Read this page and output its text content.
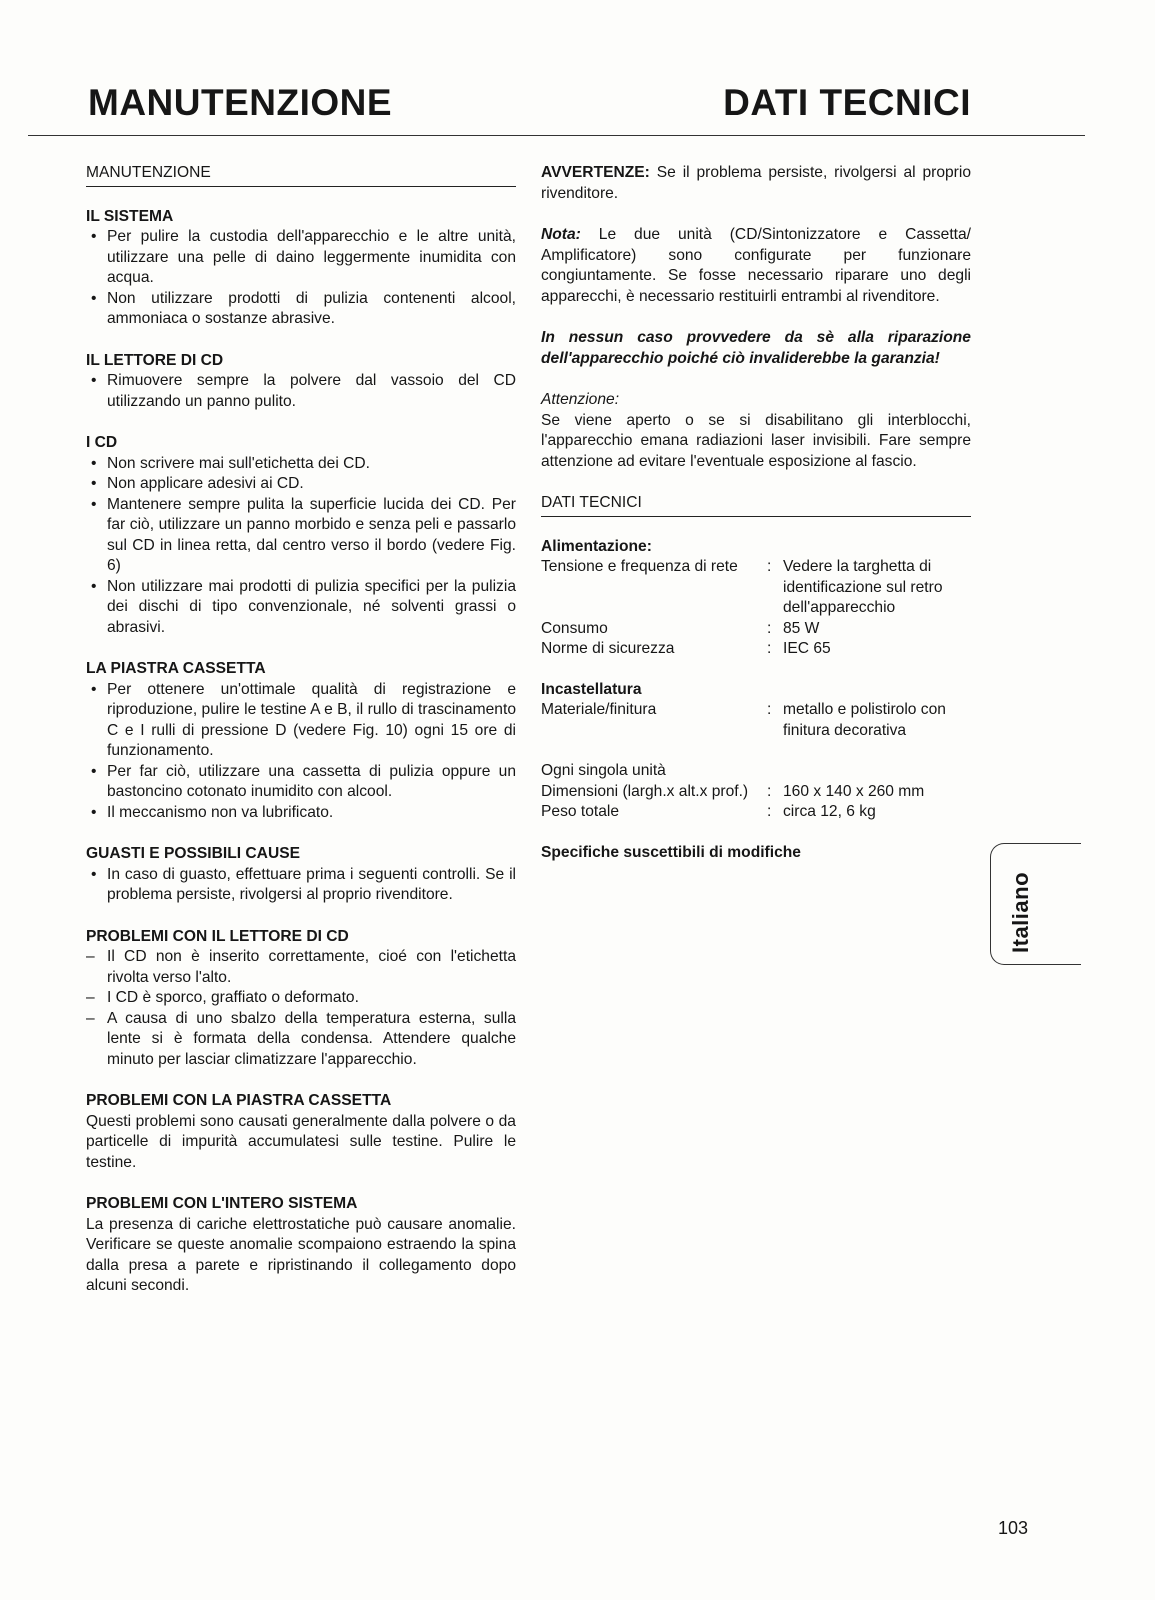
MANUTENZIONE	DATI TECNICI
MANUTENZIONE
IL SISTEMA
• Per pulire la custodia dell'apparecchio e le altre unità, utilizzare una pelle di daino leggermente inumidita con acqua.
• Non utilizzare prodotti di pulizia contenenti alcool, ammoniaca o sostanze abrasive.
IL LETTORE DI CD
• Rimuovere sempre la polvere dal vassoio del CD utilizzando un panno pulito.
I CD
• Non scrivere mai sull'etichetta dei CD.
• Non applicare adesivi ai CD.
• Mantenere sempre pulita la superficie lucida dei CD. Per far ciò, utilizzare un panno morbido e senza peli e passarlo sul CD in linea retta, dal centro verso il bordo (vedere Fig. 6)
• Non utilizzare mai prodotti di pulizia specifici per la pulizia dei dischi di tipo convenzionale, né solventi grassi o abrasivi.
LA PIASTRA CASSETTA
• Per ottenere un'ottimale qualità di registrazione e riproduzione, pulire le testine A e B, il rullo di trascinamento C e I rulli di pressione D (vedere Fig. 10) ogni 15 ore di funzionamento.
• Per far ciò, utilizzare una cassetta di pulizia oppure un bastoncino cotonato inumidito con alcool.
• Il meccanismo non va lubrificato.
GUASTI E POSSIBILI CAUSE
• In caso di guasto, effettuare prima i seguenti controlli. Se il problema persiste, rivolgersi al proprio rivenditore.
PROBLEMI CON IL LETTORE DI CD
– Il CD non è inserito correttamente, cioé con l'etichetta rivolta verso l'alto.
– I CD è sporco, graffiato o deformato.
– A causa di uno sbalzo della temperatura esterna, sulla lente si è formata della condensa. Attendere qualche minuto per lasciar climatizzare l'apparecchio.
PROBLEMI CON LA PIASTRA CASSETTA

Questi problemi sono causati generalmente dalla polvere o da particelle di impurità accumulatesi sulle testine. Pulire le testine.

PROBLEMI CON L'INTERO SISTEMA

La presenza di cariche elettrostatiche può causare anomalie. Verificare se queste anomalie scompaiono estraendo la spina dalla presa a parete e ripristinando il collegamento dopo alcuni secondi.

AVVERTENZE: Se il problema persiste, rivolgersi al proprio rivenditore.

Nota: Le due unità (CD/Sintonizzatore e Cassetta/ Amplificatore) sono configurate per funzionare congiuntamente. Se fosse necessario riparare uno degli apparecchi, è necessario restituirli entrambi al rivenditore.

In nessun caso provvedere da sè alla riparazione dell'apparecchio poiché ciò invaliderebbe la garanzia!

Attenzione:

Se viene aperto o se si disabilitano gli interblocchi, l'apparecchio emana radiazioni laser invisibili. Fare sempre attenzione ad evitare l'eventuale esposizione al fascio.

DATI TECNICI
Alimentazione:
Tensione e frequenza di rete	: Vedere la targhetta di identificazione sul retro dell'apparecchio
Consumo	: 85 W
Norme di sicurezza	: IEC 65
Incastellatura
Materiale/finitura	: metallo e polistirolo con finitura decorativa
Ogni singola unità
Dimensioni (largh.x alt.x prof.)	: 160 x 140 x 260 mm
Peso totale	: circa 12, 6 kg
Specifiche suscettibili di modifiche
Italiano
103
